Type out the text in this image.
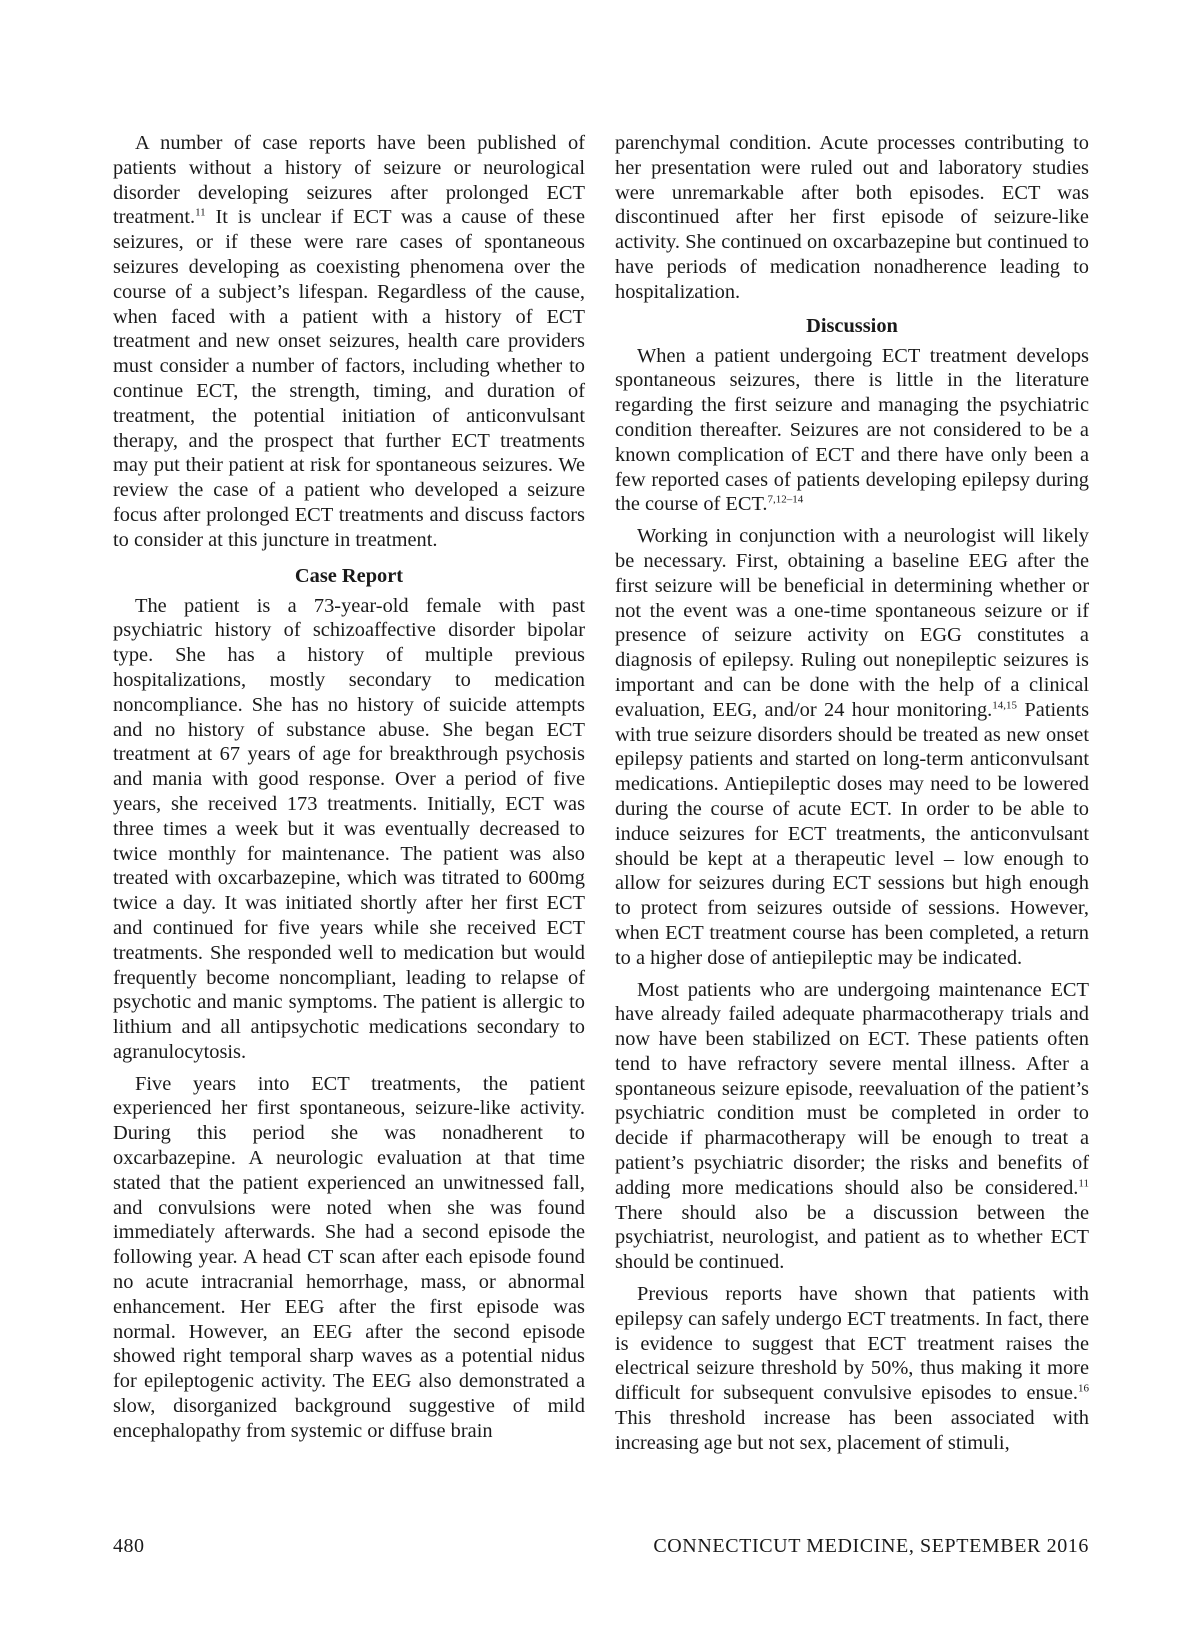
A number of case reports have been published of patients without a history of seizure or neurological disorder developing seizures after prolonged ECT treatment.$^{11}$ It is unclear if ECT was a cause of these seizures, or if these were rare cases of spontaneous seizures developing as coexisting phenomena over the course of a subject’s lifespan. Regardless of the cause, when faced with a patient with a history of ECT treatment and new onset seizures, health care providers must consider a number of factors, including whether to continue ECT, the strength, timing, and duration of treatment, the potential initiation of anticonvulsant therapy, and the prospect that further ECT treatments may put their patient at risk for spontaneous seizures. We review the case of a patient who developed a seizure focus after prolonged ECT treatments and discuss factors to consider at this juncture in treatment.

Case Report

The patient is a 73-year-old female with past psychiatric history of schizoaffective disorder bipolar type. She has a history of multiple previous hospitalizations, mostly secondary to medication noncompliance. She has no history of suicide attempts and no history of substance abuse. She began ECT treatment at 67 years of age for breakthrough psychosis and mania with good response. Over a period of five years, she received 173 treatments. Initially, ECT was three times a week but it was eventually decreased to twice monthly for maintenance. The patient was also treated with oxcarbazepine, which was titrated to 600mg twice a day. It was initiated shortly after her first ECT and continued for five years while she received ECT treatments. She responded well to medication but would frequently become noncompliant, leading to relapse of psychotic and manic symptoms. The patient is allergic to lithium and all antipsychotic medications secondary to agranulocytosis.

Five years into ECT treatments, the patient experienced her first spontaneous, seizure-like activity. During this period she was nonadherent to oxcarbazepine. A neurologic evaluation at that time stated that the patient experienced an unwitnessed fall, and convulsions were noted when she was found immediately afterwards. She had a second episode the following year. A head CT scan after each episode found no acute intracranial hemorrhage, mass, or abnormal enhancement. Her EEG after the first episode was normal. However, an EEG after the second episode showed right temporal sharp waves as a potential nidus for epileptogenic activity. The EEG also demonstrated a slow, disorganized background suggestive of mild encephalopathy from systemic or diffuse brain

parenchymal condition. Acute processes contributing to her presentation were ruled out and laboratory studies were unremarkable after both episodes. ECT was discontinued after her first episode of seizure-like activity. She continued on oxcarbazepine but continued to have periods of medication nonadherence leading to hospitalization.

Discussion

When a patient undergoing ECT treatment develops spontaneous seizures, there is little in the literature regarding the first seizure and managing the psychiatric condition thereafter. Seizures are not considered to be a known complication of ECT and there have only been a few reported cases of patients developing epilepsy during the course of ECT.$^{7,12-14}$

Working in conjunction with a neurologist will likely be necessary. First, obtaining a baseline EEG after the first seizure will be beneficial in determining whether or not the event was a one-time spontaneous seizure or if presence of seizure activity on EGG constitutes a diagnosis of epilepsy. Ruling out nonepileptic seizures is important and can be done with the help of a clinical evaluation, EEG, and/or 24 hour monitoring.$^{14,15}$ Patients with true seizure disorders should be treated as new onset epilepsy patients and started on long-term anticonvulsant medications. Antiepileptic doses may need to be lowered during the course of acute ECT. In order to be able to induce seizures for ECT treatments, the anticonvulsant should be kept at a therapeutic level – low enough to allow for seizures during ECT sessions but high enough to protect from seizures outside of sessions. However, when ECT treatment course has been completed, a return to a higher dose of antiepileptic may be indicated.

Most patients who are undergoing maintenance ECT have already failed adequate pharmacotherapy trials and now have been stabilized on ECT. These patients often tend to have refractory severe mental illness. After a spontaneous seizure episode, reevaluation of the patient’s psychiatric condition must be completed in order to decide if pharmacotherapy will be enough to treat a patient’s psychiatric disorder; the risks and benefits of adding more medications should also be considered.$^{11}$ There should also be a discussion between the psychiatrist, neurologist, and patient as to whether ECT should be continued.

Previous reports have shown that patients with epilepsy can safely undergo ECT treatments. In fact, there is evidence to suggest that ECT treatment raises the electrical seizure threshold by 50%, thus making it more difficult for subsequent convulsive episodes to ensue.$^{16}$ This threshold increase has been associated with increasing age but not sex, placement of stimuli,

480	CONNECTICUT MEDICINE, SEPTEMBER 2016
